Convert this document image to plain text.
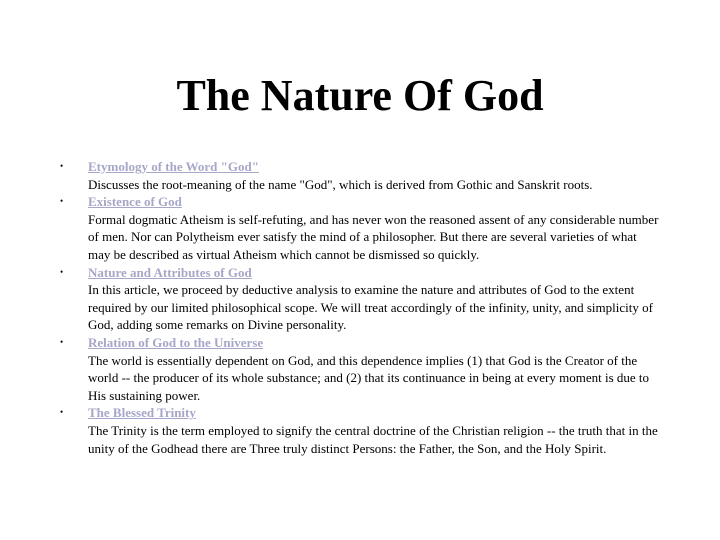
The Nature Of God
• Etymology of the Word "God"
Discusses the root-meaning of the name "God", which is derived from Gothic and Sanskrit roots.
• Existence of God
Formal dogmatic Atheism is self-refuting, and has never won the reasoned assent of any considerable number of men. Nor can Polytheism ever satisfy the mind of a philosopher. But there are several varieties of what may be described as virtual Atheism which cannot be dismissed so quickly.
• Nature and Attributes of God
In this article, we proceed by deductive analysis to examine the nature and attributes of God to the extent required by our limited philosophical scope. We will treat accordingly of the infinity, unity, and simplicity of God, adding some remarks on Divine personality.
• Relation of God to the Universe
The world is essentially dependent on God, and this dependence implies (1) that God is the Creator of the world -- the producer of its whole substance; and (2) that its continuance in being at every moment is due to His sustaining power.
• The Blessed Trinity
The Trinity is the term employed to signify the central doctrine of the Christian religion -- the truth that in the unity of the Godhead there are Three truly distinct Persons: the Father, the Son, and the Holy Spirit.
